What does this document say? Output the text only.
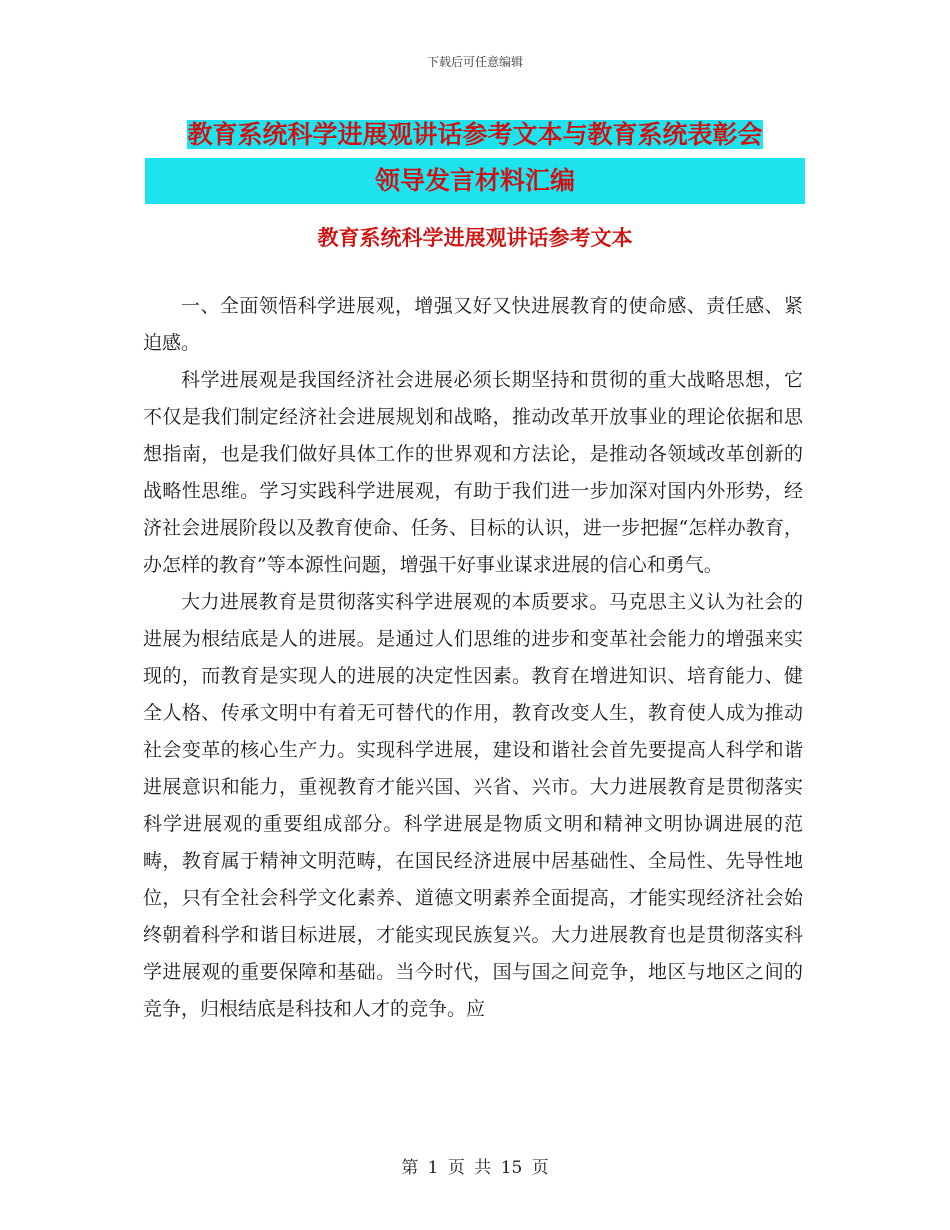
下载后可任意编辑
教育系统科学进展观讲话参考文本与教育系统表彰会
领导发言材料汇编
教育系统科学进展观讲话参考文本

一、全面领悟科学进展观，增强又好又快进展教育的使命感、责任感、紧迫感。

科学进展观是我国经济社会进展必须长期坚持和贯彻的重大战略思想，它不仅是我们制定经济社会进展规划和战略，推动改革开放事业的理论依据和思想指南，也是我们做好具体工作的世界观和方法论，是推动各领域改革创新的战略性思维。学习实践科学进展观，有助于我们进一步加深对国内外形势，经济社会进展阶段以及教育使命、任务、目标的认识，进一步把握“怎样办教育，办怎样的教育”等本源性问题，增强干好事业谋求进展的信心和勇气。

大力进展教育是贯彻落实科学进展观的本质要求。马克思主义认为社会的进展为根结底是人的进展。是通过人们思维的进步和变革社会能力的增强来实现的，而教育是实现人的进展的决定性因素。教育在增进知识、培育能力、健全人格、传承文明中有着无可替代的作用，教育改变人生，教育使人成为推动社会变革的核心生产力。实现科学进展，建设和谐社会首先要提高人科学和谐进展意识和能力，重视教育才能兴国、兴省、兴市。大力进展教育是贯彻落实科学进展观的重要组成部分。科学进展是物质文明和精神文明协调进展的范畴，教育属于精神文明范畴，在国民经济进展中居基础性、全局性、先导性地位，只有全社会科学文化素养、道德文明素养全面提高，才能实现经济社会始终朝着科学和谐目标进展，才能实现民族复兴。大力进展教育也是贯彻落实科学进展观的重要保障和基础。当今时代，国与国之间竞争，地区与地区之间的竞争，归根结底是科技和人才的竞争。应

第 1 页 共 15 页
